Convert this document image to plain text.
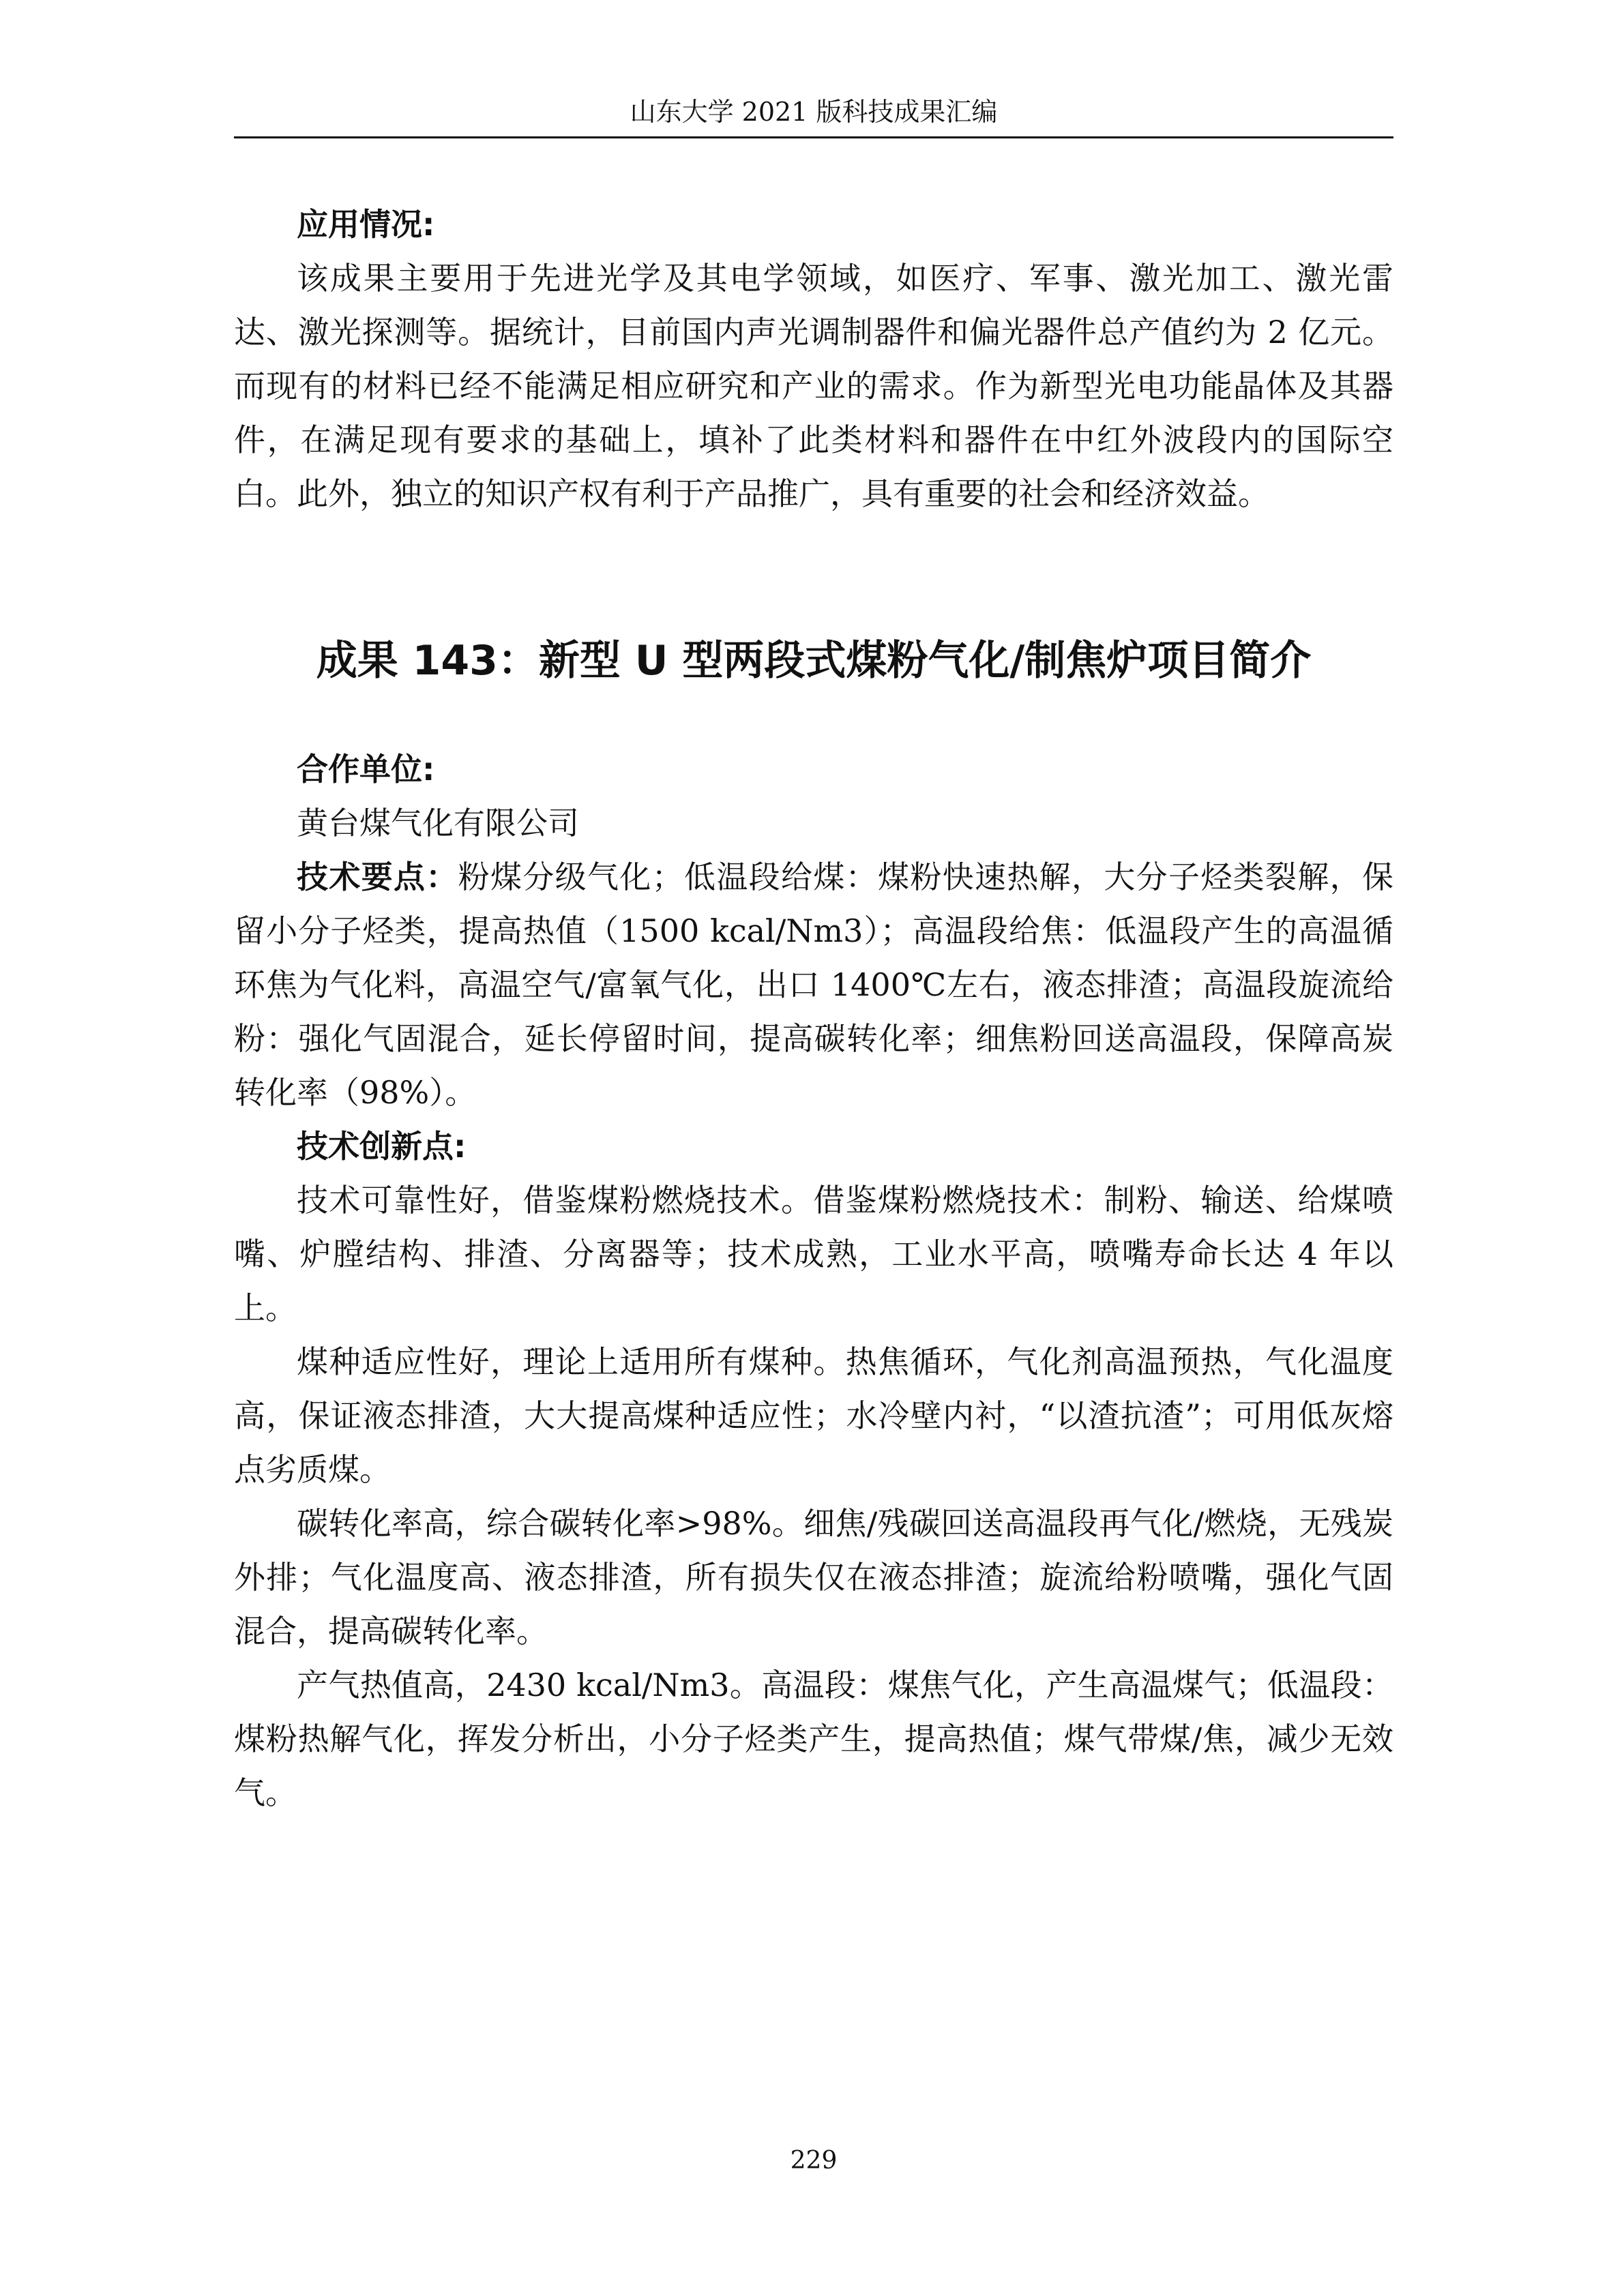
山东大学 2021 版科技成果汇编

应用情况:

该成果主要用于先进光学及其电学领域，如医疗、军事、激光加工、激光雷达、激光探测等。据统计，目前国内声光调制器件和偏光器件总产值约为 2 亿元。而现有的材料已经不能满足相应研究和产业的需求。作为新型光电功能晶体及其器件，在满足现有要求的基础上，填补了此类材料和器件在中红外波段内的国际空白。此外，独立的知识产权有利于产品推广，具有重要的社会和经济效益。

成果 143：新型 U 型两段式煤粉气化/制焦炉项目简介

合作单位:

黄台煤气化有限公司

技术要点：粉煤分级气化；低温段给煤：煤粉快速热解，大分子烃类裂解，保留小分子烃类，提高热值（1500 kcal/Nm3）；高温段给焦：低温段产生的高温循环焦为气化料，高温空气/富氧气化，出口 1400℃左右，液态排渣；高温段旋流给粉：强化气固混合，延长停留时间，提高碳转化率；细焦粉回送高温段，保障高炭转化率（98%）。

技术创新点:

技术可靠性好，借鉴煤粉燃烧技术。借鉴煤粉燃烧技术：制粉、输送、给煤喷嘴、炉膛结构、排渣、分离器等；技术成熟，工业水平高，喷嘴寿命长达 4 年以上。

煤种适应性好，理论上适用所有煤种。热焦循环，气化剂高温预热，气化温度高，保证液态排渣，大大提高煤种适应性；水冷壁内衬，“以渣抗渣”；可用低灰熔点劣质煤。

碳转化率高，综合碳转化率>98%。细焦/残碳回送高温段再气化/燃烧，无残炭外排；气化温度高、液态排渣，所有损失仅在液态排渣；旋流给粉喷嘴，强化气固混合，提高碳转化率。

产气热值高，2430 kcal/Nm3。高温段：煤焦气化，产生高温煤气；低温段：煤粉热解气化，挥发分析出，小分子烃类产生，提高热值；煤气带煤/焦，减少无效气。

229
